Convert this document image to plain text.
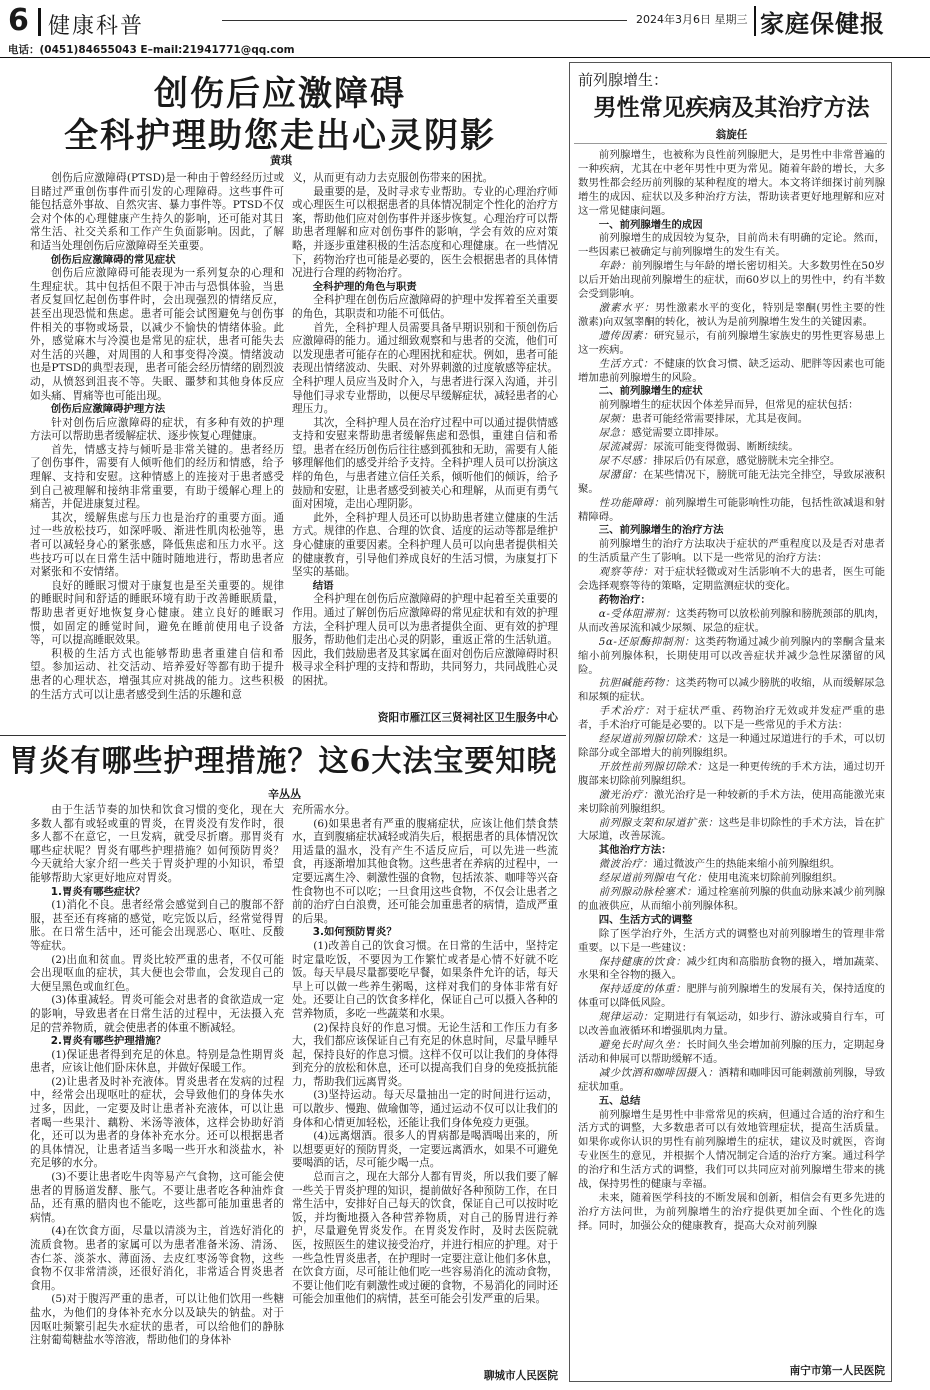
6 健康科普	2024年3月6日 星期三 家庭保健报
电话：(0451)84655043 E–mail:21941771@qq.com
创伤后应激障碍
全科护理助您走出心灵阴影
黄琪

创伤后应激障碍(PTSD)是一种由于曾经经历过或目睹过严重创伤事件而引发的心理障碍。这些事件可能包括意外事故、自然灾害、暴力事件等。PTSD不仅会对个体的心理健康产生持久的影响，还可能对其日常生活、社交关系和工作产生负面影响。因此，了解和适当处理创伤后应激障碍至关重要。

创伤后应激障碍的常见症状

创伤后应激障碍可能表现为一系列复杂的心理和生理症状。其中包括但不限于冲击与恐惧体验，当患者反复回忆起创伤事件时，会出现强烈的情绪反应，甚至出现恐慌和焦虑。患者可能会试图避免与创伤事件相关的事物或场景，以减少不愉快的情绪体验。此外，感觉麻木与冷漠也是常见的症状，患者可能失去对生活的兴趣，对周围的人和事变得冷漠。情绪波动也是PTSD的典型表现，患者可能会经历情绪的剧烈波动，从愤怒到沮丧不等。失眠、噩梦和其他身体反应如头痛、胃痛等也可能出现。

创伤后应激障碍护理方法

针对创伤后应激障碍的症状，有多种有效的护理方法可以帮助患者缓解症状、逐步恢复心理健康。

首先，情感支持与倾听是非常关键的。患者经历了创伤事件，需要有人倾听他们的经历和情感，给予理解、支持和安慰。这种情感上的连接对于患者感受到自己被理解和接纳非常重要，有助于缓解心理上的痛苦，并促进康复过程。

其次，缓解焦虑与压力也是治疗的重要方面。通过一些放松技巧，如深呼吸、渐进性肌肉松弛等，患者可以减轻身心的紧张感，降低焦虑和压力水平。这些技巧可以在日常生活中随时随地进行，帮助患者应对紧张和不安情绪。

良好的睡眠习惯对于康复也是至关重要的。规律的睡眠时间和舒适的睡眠环境有助于改善睡眠质量，帮助患者更好地恢复身心健康。建立良好的睡眠习惯，如固定的睡觉时间，避免在睡前使用电子设备等，可以提高睡眠效果。

积极的生活方式也能够帮助患者重建自信和希望。参加运动、社交活动、培养爱好等都有助于提升患者的心理状态，增强其应对挑战的能力。这些积极的生活方式可以让患者感受到生活的乐趣和意

义，从而更有动力去克服创伤带来的困扰。

最重要的是，及时寻求专业帮助。专业的心理治疗师或心理医生可以根据患者的具体情况制定个性化的治疗方案，帮助他们应对创伤事件并逐步恢复。心理治疗可以帮助患者理解和应对创伤事件的影响，学会有效的应对策略，并逐步重建积极的生活态度和心理健康。在一些情况下，药物治疗也可能是必要的，医生会根据患者的具体情况进行合理的药物治疗。

全科护理的角色与职责

全科护理在创伤后应激障碍的护理中发挥着至关重要的角色，其职责和功能不可低估。

首先，全科护理人员需要具备早期识别和干预创伤后应激障碍的能力。通过细致观察和与患者的交流，他们可以发现患者可能存在的心理困扰和症状。例如，患者可能表现出情绪波动、失眠、对外界刺激的过度敏感等症状。全科护理人员应当及时介入，与患者进行深入沟通，并引导他们寻求专业帮助，以便尽早缓解症状，减轻患者的心理压力。

其次，全科护理人员在治疗过程中可以通过提供情感支持和安慰来帮助患者缓解焦虑和恐惧，重建自信和希望。患者在经历创伤后往往感到孤独和无助，需要有人能够理解他们的感受并给予支持。全科护理人员可以扮演这样的角色，与患者建立信任关系，倾听他们的倾诉，给予鼓励和安慰，让患者感受到被关心和理解，从而更有勇气面对困境，走出心理阴影。

此外，全科护理人员还可以协助患者建立健康的生活方式。规律的作息、合理的饮食、适度的运动等都是维护身心健康的重要因素。全科护理人员可以向患者提供相关的健康教育，引导他们养成良好的生活习惯，为康复打下坚实的基础。

结语

全科护理在创伤后应激障碍的护理中起着至关重要的作用。通过了解创伤后应激障碍的常见症状和有效的护理方法，全科护理人员可以为患者提供全面、更有效的护理服务，帮助他们走出心灵的阴影，重返正常的生活轨道。因此，我们鼓励患者及其家属在面对创伤后应激障碍时积极寻求全科护理的支持和帮助，共同努力，共同战胜心灵的困扰。

资阳市雁江区三贤祠社区卫生服务中心
胃炎有哪些护理措施？这6大法宝要知晓
辛丛丛

由于生活节奏的加快和饮食习惯的变化，现在大多数人都有或轻或重的胃炎，在胃炎没有发作时，很多人都不在意它，一旦发病，就受尽折磨。那胃炎有哪些症状呢？胃炎有哪些护理措施？如何预防胃炎？今天就给大家介绍一些关于胃炎护理的小知识，希望能够帮助大家更好地应对胃炎。

1.胃炎有哪些症状？

(1)消化不良。患者经常会感觉到自己的腹部不舒服，甚至还有疼痛的感觉，吃完饭以后，经常觉得胃胀。在日常生活中，还可能会出现恶心、呕吐、反酸等症状。

(2)出血和贫血。胃炎比较严重的患者，不仅可能会出现呕血的症状，其大便也会带血，会发现自己的大便呈黑色或血红色。

(3)体重减轻。胃炎可能会对患者的食欲造成一定的影响，导致患者在日常生活的过程中，无法摄入充足的营养物质，就会使患者的体重不断减轻。

2.胃炎有哪些护理措施？

(1)保证患者得到充足的休息。特别是急性期胃炎患者，应该让他们卧床休息，并做好保暖工作。

(2)让患者及时补充液体。胃炎患者在发病的过程中，经常会出现呕吐的症状，会导致他们的身体失水过多，因此，一定要及时让患者补充液体，可以让患者喝一些果汁、藕粉、米汤等液体，这样会协助好消化，还可以为患者的身体补充水分。还可以根据患者的具体情况，让患者适当多喝一些开水和淡盐水，补充足够的水分。

(3)不要让患者吃牛肉等易产气食物，这可能会使患者的胃肠道发酵、胀气。不要让患者吃各种油炸食品，还有熏的腊肉也不能吃，这些都可能加重患者的病情。

(4)在饮食方面，尽量以清淡为主，首选好消化的流质食物。患者的家属可以为患者准备米汤、清汤、杏仁茶、淡茶水、薄面汤、去皮红枣汤等食物，这些食物不仅非常清淡，还很好消化，非常适合胃炎患者食用。

(5)对于腹泻严重的患者，可以让他们饮用一些糖盐水，为他们的身体补充水分以及缺失的钠盐。对于因呕吐频繁引起失水症状的患者，可以给他们的静脉注射葡萄糖盐水等溶液，帮助他们的身体补

充所需水分。

(6)如果患者有严重的腹痛症状，应该让他们禁食禁水，直到腹痛症状减轻或消失后，根据患者的具体情况饮用适量的温水，没有产生不适反应后，可以先进一些流食，再逐渐增加其他食物。这些患者在养病的过程中，一定要远离生冷、刺激性强的食物，包括浓茶、咖啡等兴奋性食物也不可以吃；一旦食用这些食物，不仅会让患者之前的治疗白白浪费，还可能会加重患者的病情，造成严重的后果。

3.如何预防胃炎？

(1)改善自己的饮食习惯。在日常的生活中，坚持定时定量吃饭，不要因为工作繁忙或者是心情不好就不吃饭。每天早晨尽量都要吃早餐，如果条件允许的话，每天早上可以做一些养生粥喝，这样对我们的身体非常有好处。还要让自己的饮食多样化，保证自己可以摄入各种的营养物质，多吃一些蔬菜和水果。

(2)保持良好的作息习惯。无论生活和工作压力有多大，我们都应该保证自己有充足的休息时间，尽量早睡早起，保持良好的作息习惯。这样不仅可以让我们的身体得到充分的放松和休息，还可以提高我们自身的免疫抵抗能力，帮助我们远离胃炎。

(3)坚持运动。每天尽量抽出一定的时间进行运动，可以散步、慢跑、做瑜伽等，通过运动不仅可以让我们的身体和心情更加轻松，还能让我们身体免疫力更强。

(4)远离烟酒。很多人的胃病都是喝酒喝出来的，所以想要更好的预防胃炎，一定要远离酒水，如果不可避免要喝酒的话，尽可能少喝一点。

总而言之，现在大部分人都有胃炎，所以我们要了解一些关于胃炎护理的知识，提前做好各种预防工作，在日常生活中，安排好自己每天的饮食，保证自己可以按时吃饭，并均衡地摄入各种营养物质，对自己的肠胃进行养护，尽量避免胃炎发作。在胃炎发作时，及时去医院就医，按照医生的建议接受治疗，并进行相应的护理。对于一些急性胃炎患者，在护理时一定要注意让他们多休息，在饮食方面，尽可能让他们吃一些容易消化的流动食物，不要让他们吃有刺激性或过硬的食物，不易消化的同时还可能会加重他们的病情，甚至可能会引发严重的后果。

聊城市人民医院
前列腺增生：
男性常见疾病及其治疗方法
翁旋任

前列腺增生，也被称为良性前列腺肥大，是男性中非常普遍的一种疾病，尤其在中老年男性中更为常见。随着年龄的增长，大多数男性都会经历前列腺的某种程度的增大。本文将详细探讨前列腺增生的成因、症状以及多种治疗方法，帮助读者更好地理解和应对这一常见健康问题。

一、前列腺增生的成因

前列腺增生的成因较为复杂，目前尚未有明确的定论。然而，一些因素已被确定与前列腺增生的发生有关。

年龄：前列腺增生与年龄的增长密切相关。大多数男性在50岁以后开始出现前列腺增生的症状，而60岁以上的男性中，约有半数会受到影响。

激素水平：男性激素水平的变化，特别是睾酮(男性主要的性激素)向双氢睾酮的转化，被认为是前列腺增生发生的关键因素。

遗传因素：研究显示，有前列腺增生家族史的男性更容易患上这一疾病。

生活方式：不健康的饮食习惯、缺乏运动、肥胖等因素也可能增加患前列腺增生的风险。

二、前列腺增生的症状

前列腺增生的症状因个体差异而异，但常见的症状包括：

尿频：患者可能经常需要排尿，尤其是夜间。

尿急：感觉需要立即排尿。

尿流减弱：尿流可能变得微弱、断断续续。

尿不尽感：排尿后仍有尿意，感觉膀胱未完全排空。

尿潴留：在某些情况下，膀胱可能无法完全排空，导致尿液积聚。

性功能障碍：前列腺增生可能影响性功能，包括性欲减退和射精障碍。

三、前列腺增生的治疗方法

前列腺增生的治疗方法取决于症状的严重程度以及是否对患者的生活质量产生了影响。以下是一些常见的治疗方法：

观察等待：对于症状轻微或对生活影响不大的患者，医生可能会选择观察等待的策略，定期监测症状的变化。

药物治疗：

α-受体阻滞剂：这类药物可以放松前列腺和膀胱颈部的肌肉，从而改善尿流和减少尿频、尿急的症状。

5α-还原酶抑制剂：这类药物通过减少前列腺内的睾酮含量来缩小前列腺体积，长期使用可以改善症状并减少急性尿潴留的风险。

抗胆碱能药物：这类药物可以减少膀胱的收缩，从而缓解尿急和尿频的症状。

手术治疗：对于症状严重、药物治疗无效或并发症严重的患者，手术治疗可能是必要的。以下是一些常见的手术方法：

经尿道前列腺切除术：这是一种通过尿道进行的手术，可以切除部分或全部增大的前列腺组织。

开放性前列腺切除术：这是一种更传统的手术方法，通过切开腹部来切除前列腺组织。

激光治疗：激光治疗是一种较新的手术方法，使用高能激光束来切除前列腺组织。

前列腺支架和尿道扩张：这些是非切除性的手术方法，旨在扩大尿道，改善尿流。

其他治疗方法：

微波治疗：通过微波产生的热能来缩小前列腺组织。

经尿道前列腺电气化：使用电流来切除前列腺组织。

前列腺动脉栓塞术：通过栓塞前列腺的供血动脉来减少前列腺的血液供应，从而缩小前列腺体积。

四、生活方式的调整

除了医学治疗外，生活方式的调整也对前列腺增生的管理非常重要。以下是一些建议：

保持健康的饮食：减少红肉和高脂肪食物的摄入，增加蔬菜、水果和全谷物的摄入。

保持适度的体重：肥胖与前列腺增生的发展有关，保持适度的体重可以降低风险。

规律运动：定期进行有氧运动，如步行、游泳或骑自行车，可以改善血液循环和增强肌肉力量。

避免长时间久坐：长时间久坐会增加前列腺的压力，定期起身活动和伸展可以帮助缓解不适。

减少饮酒和咖啡因摄入：酒精和咖啡因可能刺激前列腺，导致症状加重。

五、总结

前列腺增生是男性中非常常见的疾病，但通过合适的治疗和生活方式的调整，大多数患者可以有效地管理症状，提高生活质量。如果你或你认识的男性有前列腺增生的症状，建议及时就医，咨询专业医生的意见，并根据个人情况制定合适的治疗方案。通过科学的治疗和生活方式的调整，我们可以共同应对前列腺增生带来的挑战，保持男性的健康与幸福。

未来，随着医学科技的不断发展和创新，相信会有更多先进的治疗方法问世，为前列腺增生的治疗提供更加全面、个性化的选择。同时，加强公众的健康教育，提高大众对前列腺

南宁市第一人民医院
